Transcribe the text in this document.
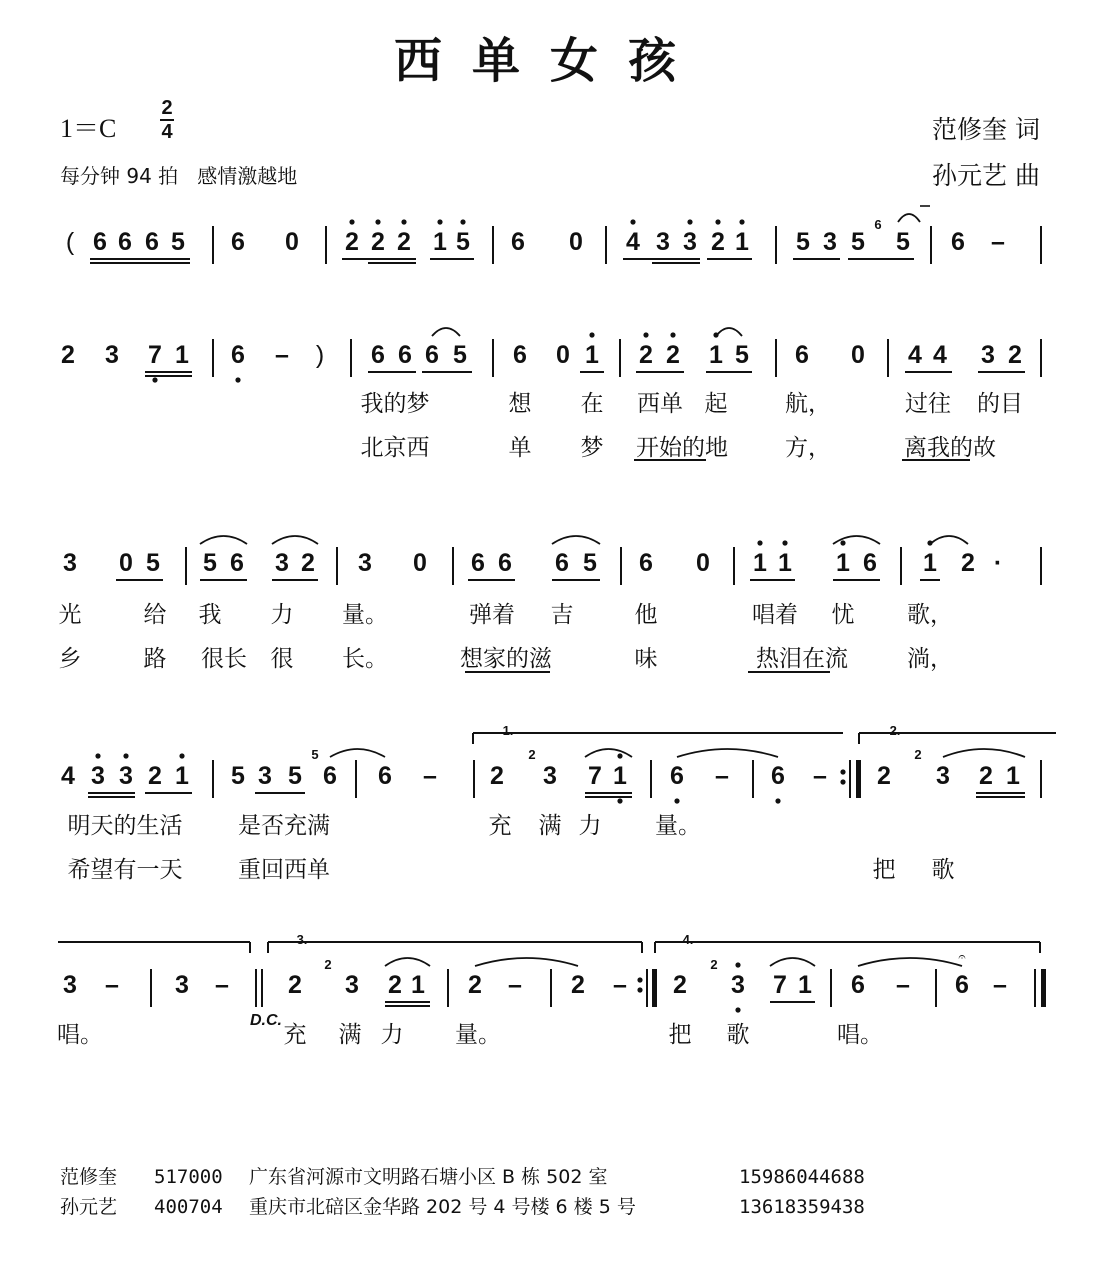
西单女孩
1＝C
2
4
每分钟 94 拍 感情激越地
范修奎 词
孙元艺 曲
( 6 6 6 5 6 0 2 2 2 1 5 6 0 4 3 3 2 1 5 3 5 5 6
6
–
2 3 7 1 6 – ) 6 6 6 5 6 0 1 2 2 1 5 6 0 4 4 3 2
我的梦	想 在 西单 起	航，	过往 的目
北京西	单 梦 开始的地 方，	离我的故
3 0 5 5 6 3 2 3 0 6 6 6 5 6 0 1 1 1 6 1 2 ·
光	给 我 力 量。	弹着 吉	他	唱着 忧 歌，
乡	路 很长 很 长。	想家的滋	味	热泪在流	淌，
4 3 3 2 1 5 3 5
5
6 6 – 2
2
3 7 1 6 – 6 – 2
2
3 2 1
1.	2.
明天的生活 是否充满	充 满 力 量。
希望有一天 重回西单	把 歌
3 – 3 – 2
2
3 2 1 2 – 2 – 2
2
3 7 1 6 – 6 –
D.C.
𝄐
3.	4.
唱。	充 满 力 量。	把 歌	唱。
范修奎 517000 广东省河源市文明路石塘小区 B 栋 502 室	15986044688
孙元艺 400704 重庆市北碚区金华路 202 号 4 号楼 6 楼 5 号	13618359438
